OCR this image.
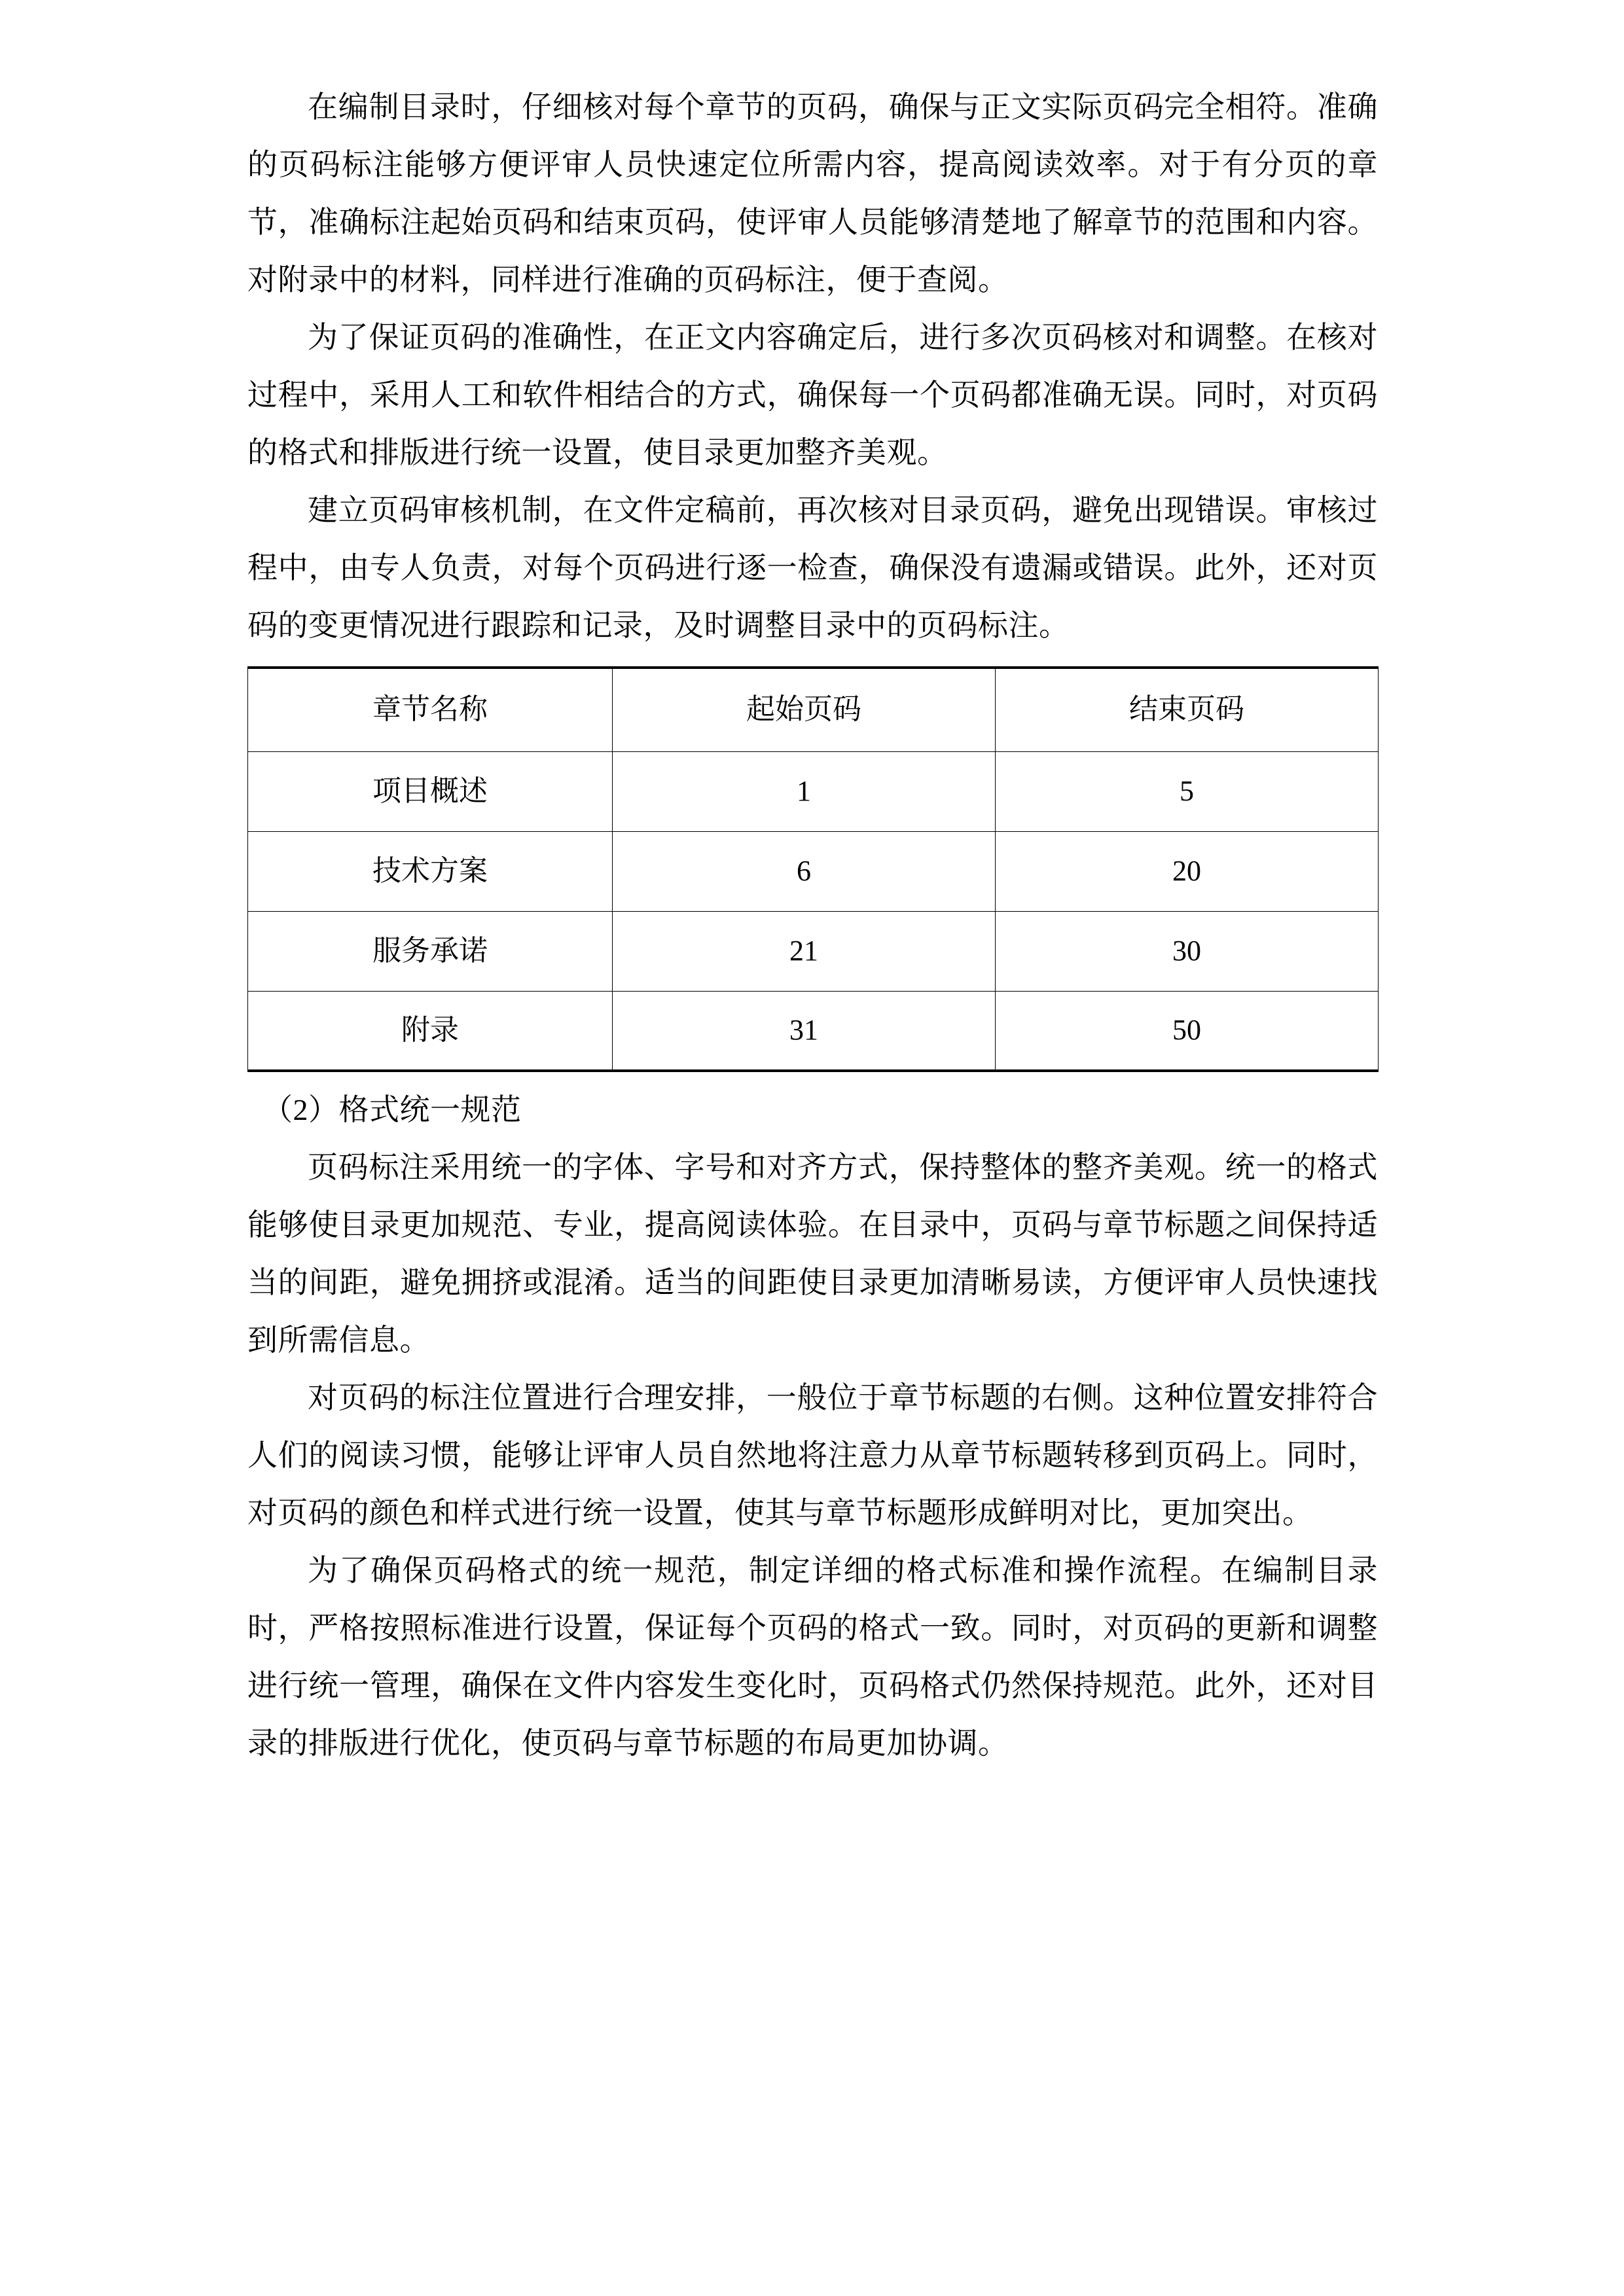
在编制目录时，仔细核对每个章节的页码，确保与正文实际页码完全相符。准确的页码标注能够方便评审人员快速定位所需内容，提高阅读效率。对于有分页的章节，准确标注起始页码和结束页码，使评审人员能够清楚地了解章节的范围和内容。对附录中的材料，同样进行准确的页码标注，便于查阅。

为了保证页码的准确性，在正文内容确定后，进行多次页码核对和调整。在核对过程中，采用人工和软件相结合的方式，确保每一个页码都准确无误。同时，对页码的格式和排版进行统一设置，使目录更加整齐美观。

建立页码审核机制，在文件定稿前，再次核对目录页码，避免出现错误。审核过程中，由专人负责，对每个页码进行逐一检查，确保没有遗漏或错误。此外，还对页码的变更情况进行跟踪和记录，及时调整目录中的页码标注。

章节名称	起始页码	结束页码
项目概述	1	5
技术方案	6	20
服务承诺	21	30
附录	31	50

（2）格式统一规范

页码标注采用统一的字体、字号和对齐方式，保持整体的整齐美观。统一的格式能够使目录更加规范、专业，提高阅读体验。在目录中，页码与章节标题之间保持适当的间距，避免拥挤或混淆。适当的间距使目录更加清晰易读，方便评审人员快速找到所需信息。

对页码的标注位置进行合理安排，一般位于章节标题的右侧。这种位置安排符合人们的阅读习惯，能够让评审人员自然地将注意力从章节标题转移到页码上。同时，对页码的颜色和样式进行统一设置，使其与章节标题形成鲜明对比，更加突出。

为了确保页码格式的统一规范，制定详细的格式标准和操作流程。在编制目录时，严格按照标准进行设置，保证每个页码的格式一致。同时，对页码的更新和调整进行统一管理，确保在文件内容发生变化时，页码格式仍然保持规范。此外，还对目录的排版进行优化，使页码与章节标题的布局更加协调。
